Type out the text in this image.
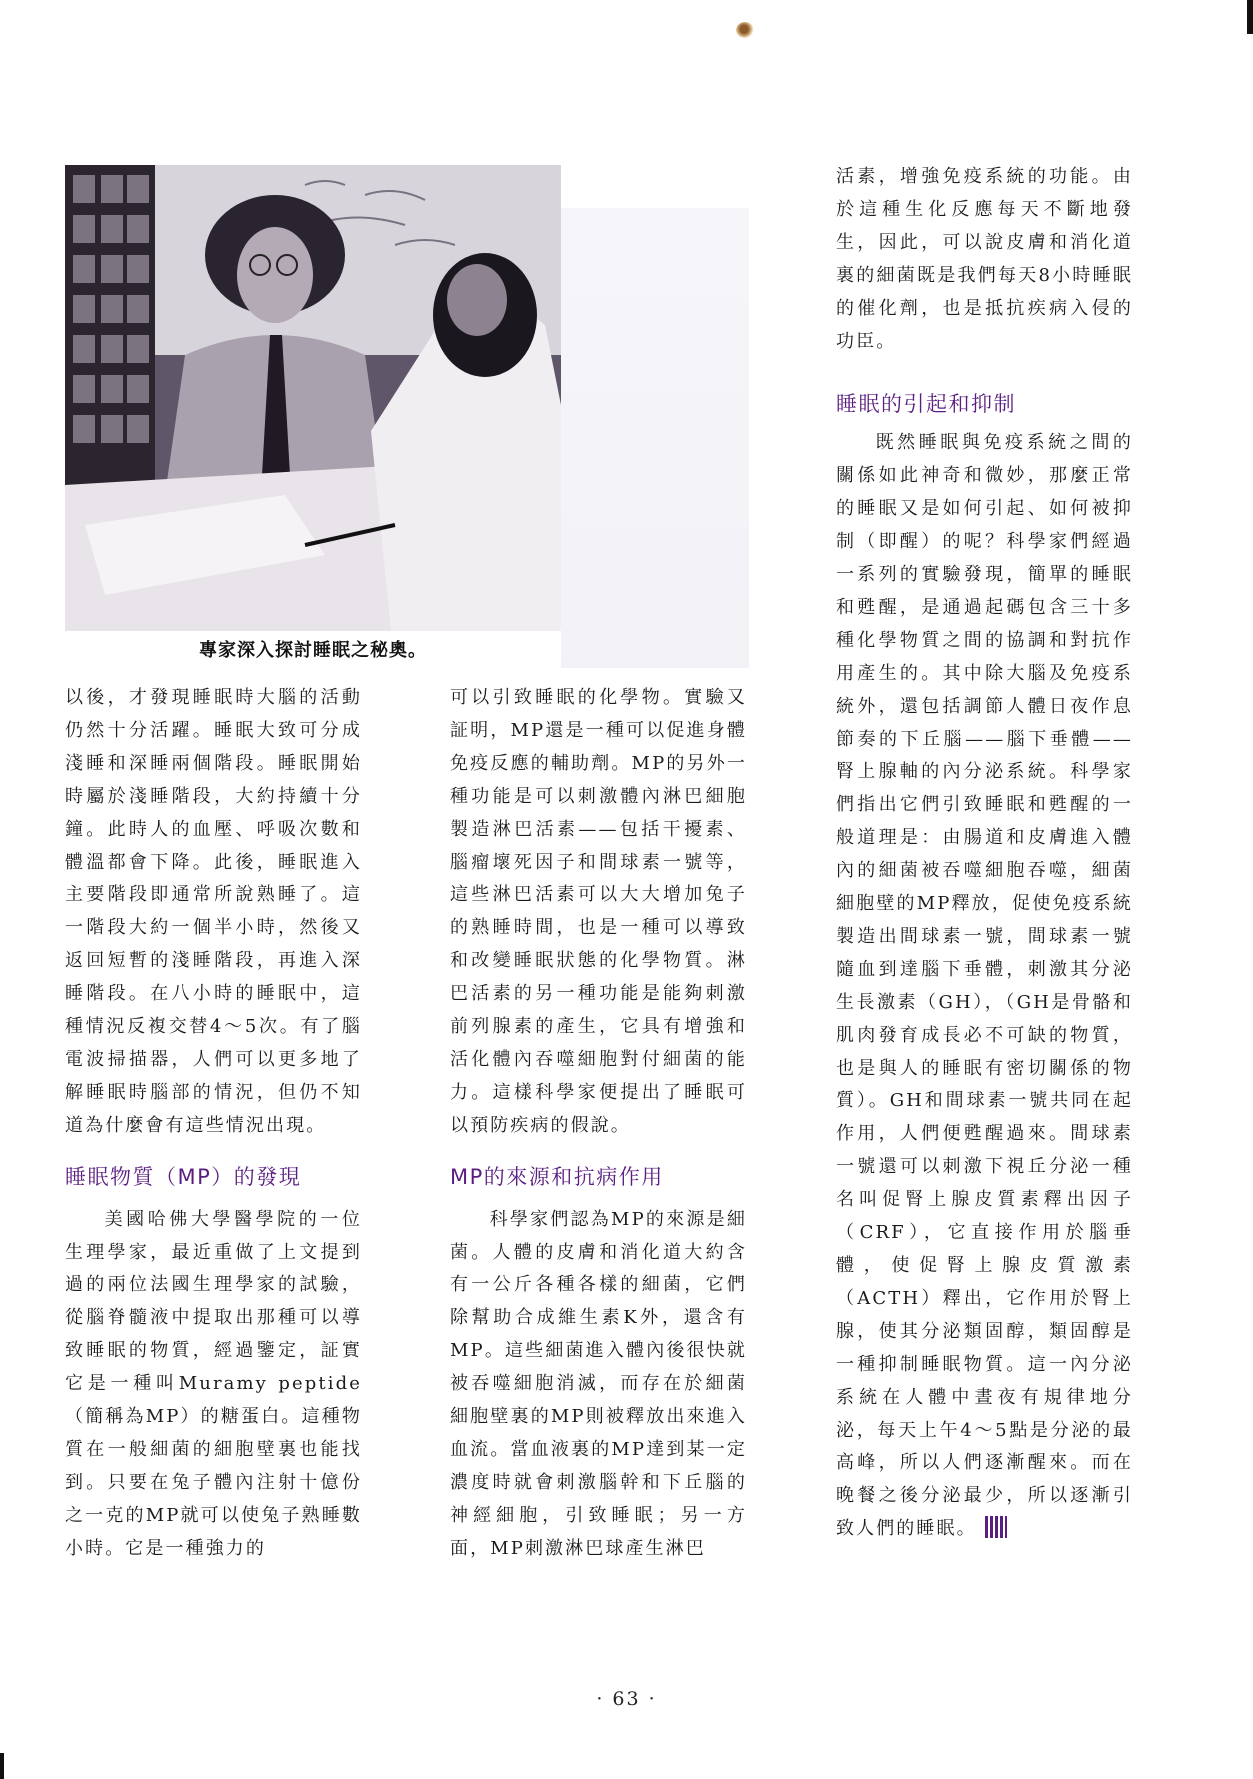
專家深入探討睡眠之秘奧。

以後，才發現睡眠時大腦的活動仍然十分活躍。睡眠大致可分成淺睡和深睡兩個階段。睡眠開始時屬於淺睡階段，大約持續十分鐘。此時人的血壓、呼吸次數和體溫都會下降。此後，睡眠進入主要階段即通常所說熟睡了。這一階段大約一個半小時，然後又返回短暫的淺睡階段，再進入深睡階段。在八小時的睡眠中，這種情況反複交替4～5次。有了腦電波掃描器，人們可以更多地了解睡眠時腦部的情況，但仍不知道為什麼會有這些情況出現。

睡眠物質（MP）的發現

美國哈佛大學醫學院的一位生理學家，最近重做了上文提到過的兩位法國生理學家的試驗，從腦脊髓液中提取出那種可以導致睡眠的物質，經過鑒定，証實它是一種叫Muramy peptide（簡稱為MP）的糖蛋白。這種物質在一般細菌的細胞壁裏也能找到。只要在兔子體內注射十億份之一克的MP就可以使兔子熟睡數小時。它是一種強力的

可以引致睡眠的化學物。實驗又証明，MP還是一種可以促進身體免疫反應的輔助劑。MP的另外一種功能是可以刺激體內淋巴細胞製造淋巴活素——包括干擾素、腦瘤壞死因子和間球素一號等，這些淋巴活素可以大大增加兔子的熟睡時間，也是一種可以導致和改變睡眠狀態的化學物質。淋巴活素的另一種功能是能夠刺激前列腺素的產生，它具有增強和活化體內吞噬細胞對付細菌的能力。這樣科學家便提出了睡眠可以預防疾病的假說。

MP的來源和抗病作用

科學家們認為MP的來源是細菌。人體的皮膚和消化道大約含有一公斤各種各樣的細菌，它們除幫助合成維生素K外，還含有MP。這些細菌進入體內後很快就被吞噬細胞消滅，而存在於細菌細胞壁裏的MP則被釋放出來進入血流。當血液裏的MP達到某一定濃度時就會刺激腦幹和下丘腦的神經細胞，引致睡眠；另一方面，MP刺激淋巴球產生淋巴

活素，增強免疫系統的功能。由於這種生化反應每天不斷地發生，因此，可以說皮膚和消化道裏的細菌既是我們每天8小時睡眠的催化劑，也是抵抗疾病入侵的功臣。

睡眠的引起和抑制

既然睡眠與免疫系統之間的關係如此神奇和微妙，那麼正常的睡眠又是如何引起、如何被抑制（即醒）的呢？科學家們經過一系列的實驗發現，簡單的睡眠和甦醒，是通過起碼包含三十多種化學物質之間的協調和對抗作用產生的。其中除大腦及免疫系統外，還包括調節人體日夜作息節奏的下丘腦——腦下垂體——腎上腺軸的內分泌系統。科學家們指出它們引致睡眠和甦醒的一般道理是：由腸道和皮膚進入體內的細菌被吞噬細胞吞噬，細菌細胞壁的MP釋放，促使免疫系統製造出間球素一號，間球素一號隨血到達腦下垂體，刺激其分泌生長激素（GH），（GH是骨骼和肌肉發育成長必不可缺的物質，也是與人的睡眠有密切關係的物質）。GH和間球素一號共同在起作用，人們便甦醒過來。間球素一號還可以刺激下視丘分泌一種名叫促腎上腺皮質素釋出因子（CRF），它直接作用於腦垂體，使促腎上腺皮質激素（ACTH）釋出，它作用於腎上腺，使其分泌類固醇，類固醇是一種抑制睡眠物質。這一內分泌系統在人體中晝夜有規律地分泌，每天上午4～5點是分泌的最高峰，所以人們逐漸醒來。而在晚餐之後分泌最少，所以逐漸引致人們的睡眠。

· 63 ·
